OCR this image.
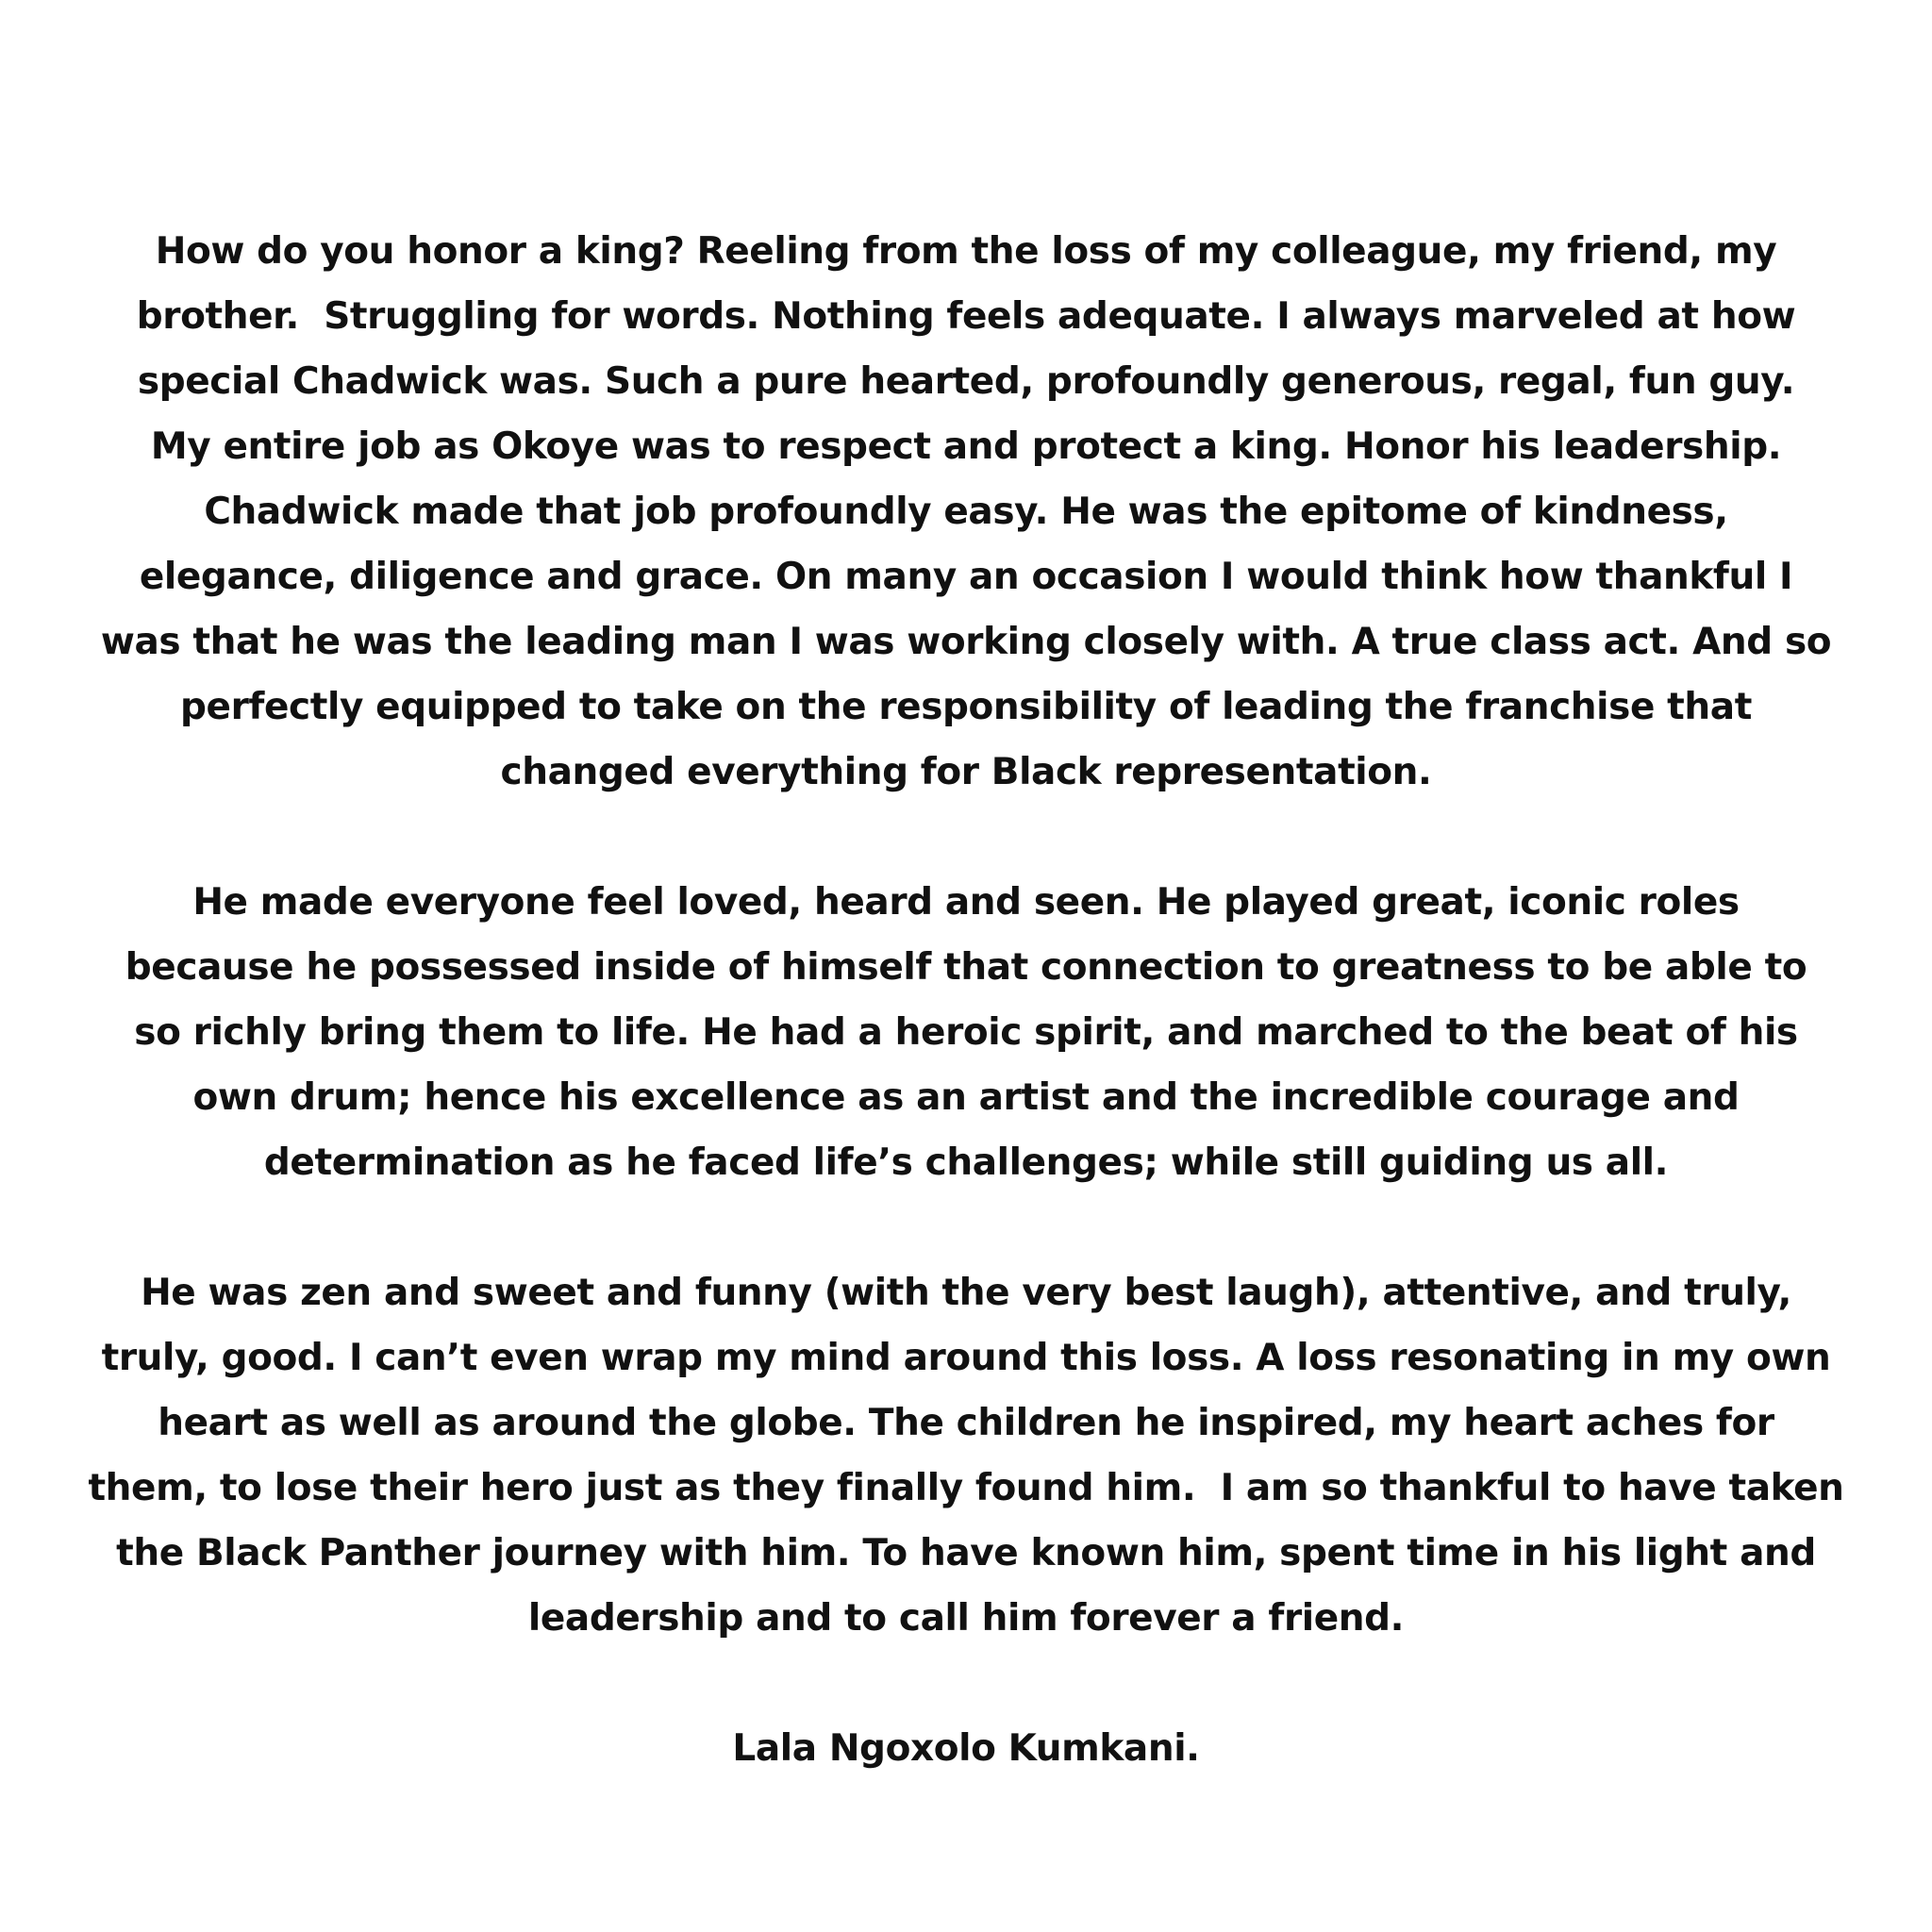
How do you honor a king? Reeling from the loss of my colleague, my friend, my
brother.  Struggling for words. Nothing feels adequate. I always marveled at how
special Chadwick was. Such a pure hearted, profoundly generous, regal, fun guy.
My entire job as Okoye was to respect and protect a king. Honor his leadership.
Chadwick made that job profoundly easy. He was the epitome of kindness,
elegance, diligence and grace. On many an occasion I would think how thankful I
was that he was the leading man I was working closely with. A true class act. And so
perfectly equipped to take on the responsibility of leading the franchise that
changed everything for Black representation.
He made everyone feel loved, heard and seen. He played great, iconic roles
because he possessed inside of himself that connection to greatness to be able to
so richly bring them to life. He had a heroic spirit, and marched to the beat of his
own drum; hence his excellence as an artist and the incredible courage and
determination as he faced life’s challenges; while still guiding us all.
He was zen and sweet and funny (with the very best laugh), attentive, and truly,
truly, good. I can’t even wrap my mind around this loss. A loss resonating in my own
heart as well as around the globe. The children he inspired, my heart aches for
them, to lose their hero just as they finally found him.  I am so thankful to have taken
the Black Panther journey with him. To have known him, spent time in his light and
leadership and to call him forever a friend.
Lala Ngoxolo Kumkani.
